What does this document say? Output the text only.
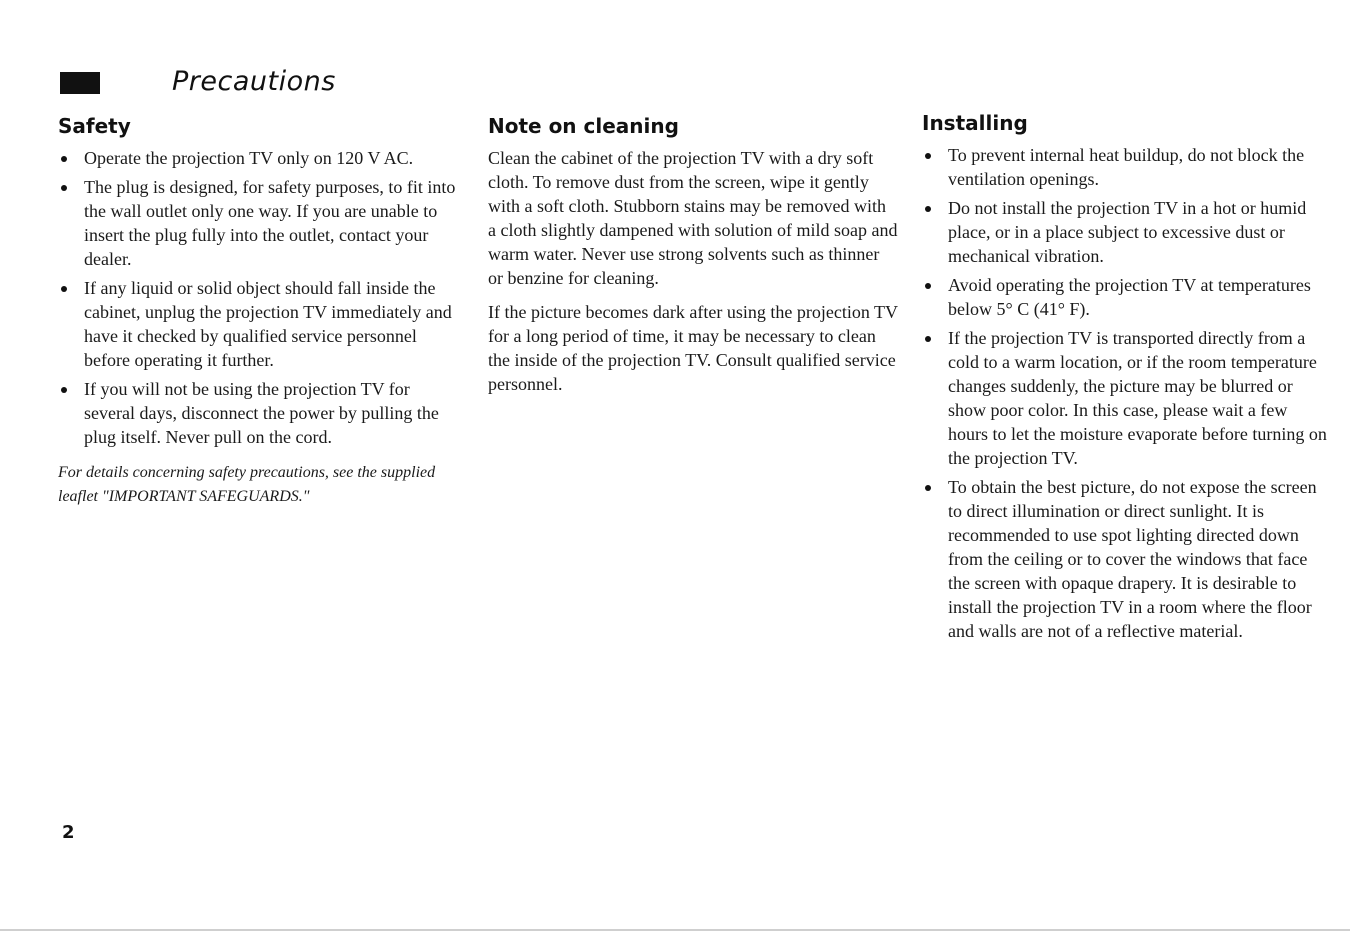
Precautions
Safety
Operate the projection TV only on 120 V AC.
The plug is designed, for safety purposes, to fit into the wall outlet only one way. If you are unable to insert the plug fully into the outlet, contact your dealer.
If any liquid or solid object should fall inside the cabinet, unplug the projection TV immediately and have it checked by qualified service personnel before operating it further.
If you will not be using the projection TV for several days, disconnect the power by pulling the plug itself. Never pull on the cord.

For details concerning safety precautions, see the supplied leaflet "IMPORTANT SAFEGUARDS."

Note on cleaning

Clean the cabinet of the projection TV with a dry soft cloth. To remove dust from the screen, wipe it gently with a soft cloth. Stubborn stains may be removed with a cloth slightly dampened with solution of mild soap and warm water. Never use strong solvents such as thinner or benzine for cleaning.

If the picture becomes dark after using the projection TV for a long period of time, it may be necessary to clean the inside of the projection TV. Consult qualified service personnel.

Installing
To prevent internal heat buildup, do not block the ventilation openings.
Do not install the projection TV in a hot or humid place, or in a place subject to excessive dust or mechanical vibration.
Avoid operating the projection TV at temperatures below 5° C (41° F).
If the projection TV is transported directly from a cold to a warm location, or if the room temperature changes suddenly, the picture may be blurred or show poor color. In this case, please wait a few hours to let the moisture evaporate before turning on the projection TV.
To obtain the best picture, do not expose the screen to direct illumination or direct sunlight. It is recommended to use spot lighting directed down from the ceiling or to cover the windows that face the screen with opaque drapery. It is desirable to install the projection TV in a room where the floor and walls are not of a reflective material.
2
